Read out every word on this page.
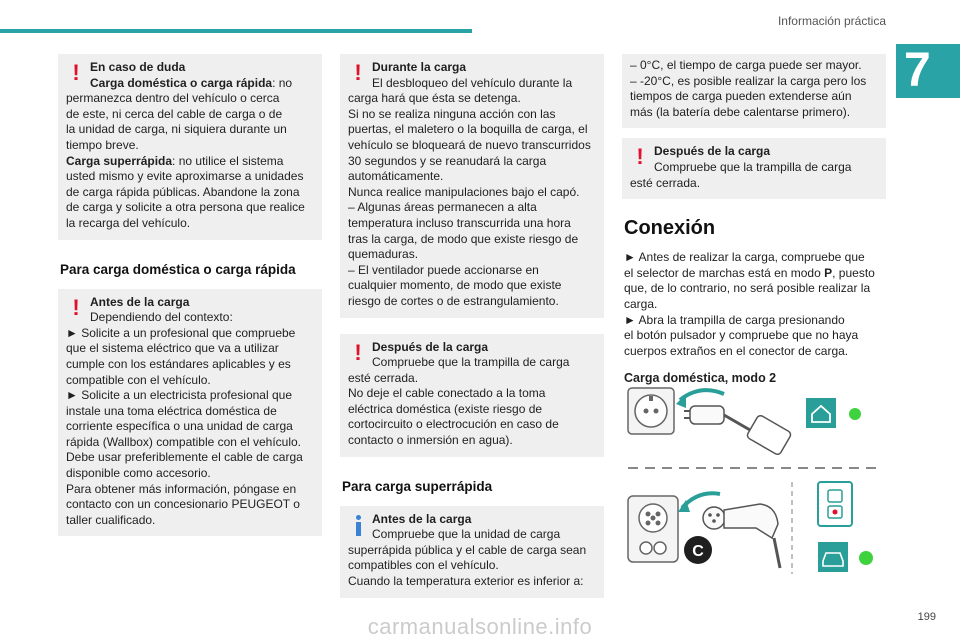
Información práctica
7
! En caso de duda

Carga doméstica o carga rápida: no

permanezca dentro del vehículo o cerca

de este, ni cerca del cable de carga o de

la unidad de carga, ni siquiera durante un

tiempo breve.

Carga superrápida: no utilice el sistema

usted mismo y evite aproximarse a unidades

de carga rápida públicas. Abandone la zona

de carga y solicite a otra persona que realice

la recarga del vehículo.

Para carga doméstica o carga rápida
! Antes de la carga

Dependiendo del contexto:

► Solicite a un profesional que compruebe

que el sistema eléctrico que va a utilizar

cumple con los estándares aplicables y es

compatible con el vehículo.

► Solicite a un electricista profesional que

instale una toma eléctrica doméstica de

corriente específica o una unidad de carga

rápida (Wallbox) compatible con el vehículo.

Debe usar preferiblemente el cable de carga

disponible como accesorio.

Para obtener más información, póngase en

contacto con un concesionario PEUGEOT o

taller cualificado.

! Durante la carga

El desbloqueo del vehículo durante la

carga hará que ésta se detenga.

Si no se realiza ninguna acción con las

puertas, el maletero o la boquilla de carga, el

vehículo se bloqueará de nuevo transcurridos

30 segundos y se reanudará la carga

automáticamente.

Nunca realice manipulaciones bajo el capó.

– Algunas áreas permanecen a alta

temperatura incluso transcurrida una hora

tras la carga, de modo que existe riesgo de

quemaduras.

– El ventilador puede accionarse en

cualquier momento, de modo que existe

riesgo de cortes o de estrangulamiento.

! Después de la carga

Compruebe que la trampilla de carga

esté cerrada.

No deje el cable conectado a la toma

eléctrica doméstica (existe riesgo de

cortocircuito o electrocución en caso de

contacto o inmersión en agua).

Para carga superrápida

Antes de la carga

Compruebe que la unidad de carga

superrápida pública y el cable de carga sean

compatibles con el vehículo.

Cuando la temperatura exterior es inferior a:

– 0°C, el tiempo de carga puede ser mayor.

– -20°C, es posible realizar la carga pero los

tiempos de carga pueden extenderse aún

más (la batería debe calentarse primero).

! Después de la carga

Compruebe que la trampilla de carga

esté cerrada.

Conexión

► Antes de realizar la carga, compruebe que

el selector de marchas está en modo P, puesto

que, de lo contrario, no será posible realizar la

carga.

► Abra la trampilla de carga presionando

el botón pulsador y compruebe que no haya

cuerpos extraños en el conector de carga.

Carga doméstica, modo 2
C
199
carmanualsonline.info
